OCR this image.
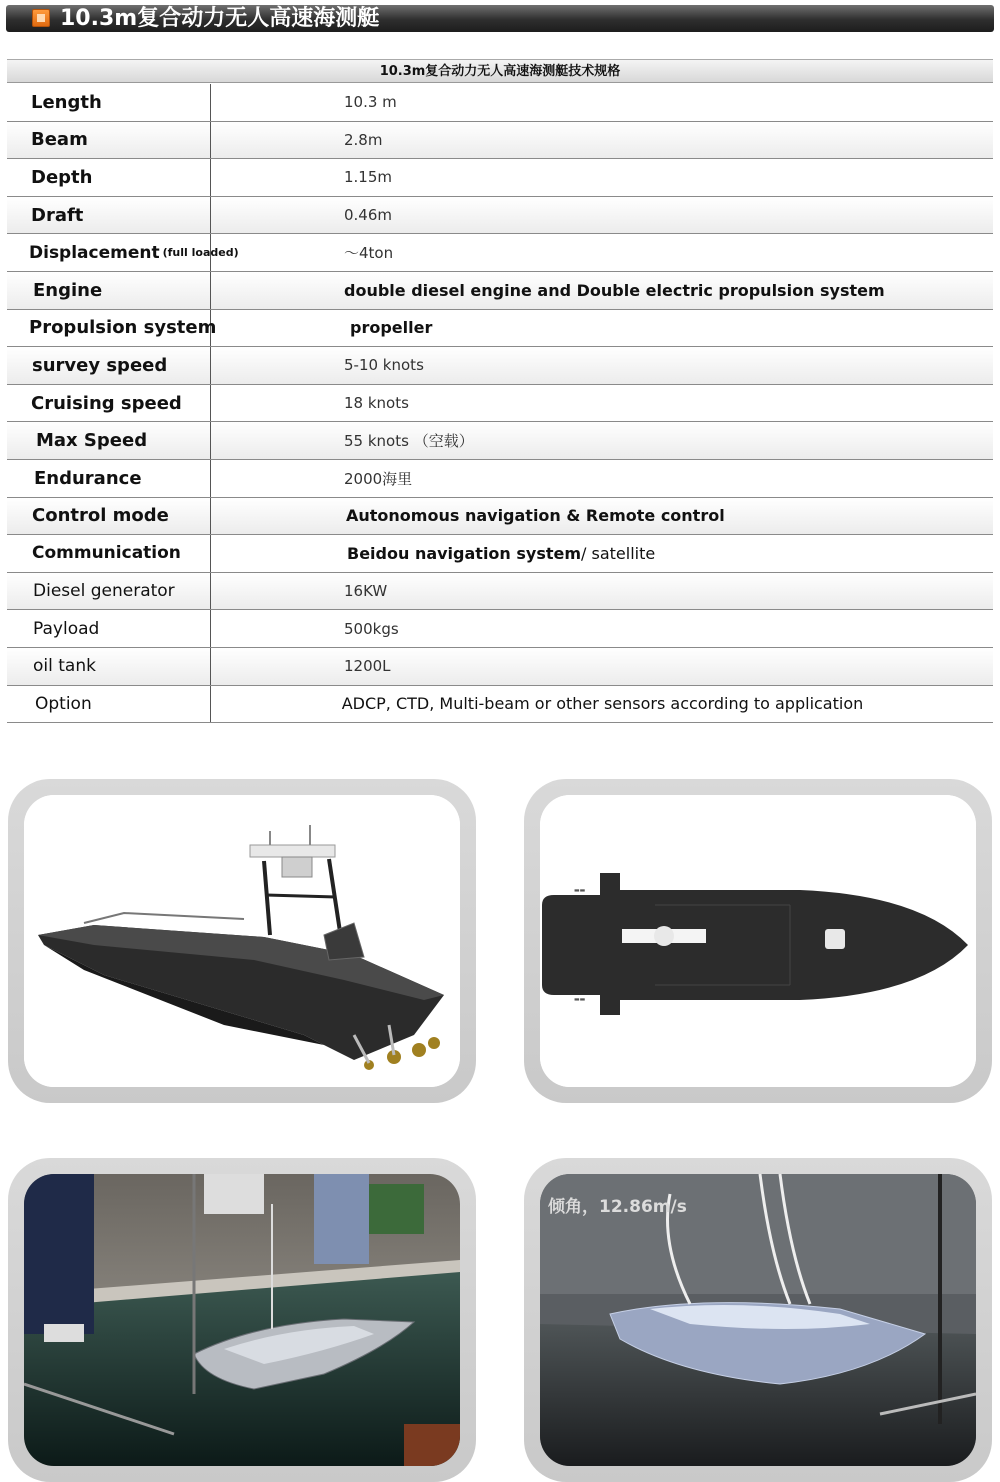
10.3m复合动力无人高速海测艇
10.3m复合动力无人高速海测艇技术规格
Length	10.3 m
Beam	2.8m
Depth	1.15m
Draft	0.46m
Displacement (full loaded)	～4ton
Engine	double diesel engine and Double electric propulsion system
Propulsion system	propeller
survey speed	5-10 knots
Cruising speed	18 knots
Max Speed	55 knots （空载）
Endurance	2000海里
Control mode	Autonomous navigation & Remote control
Communication	Beidou navigation system / satellite
Diesel generator	16KW
Payload	500kgs
oil tank	1200L
Option	ADCP, CTD, Multi-beam or other sensors according to application
▬▬
▬▬
倾角，12.86m/s
